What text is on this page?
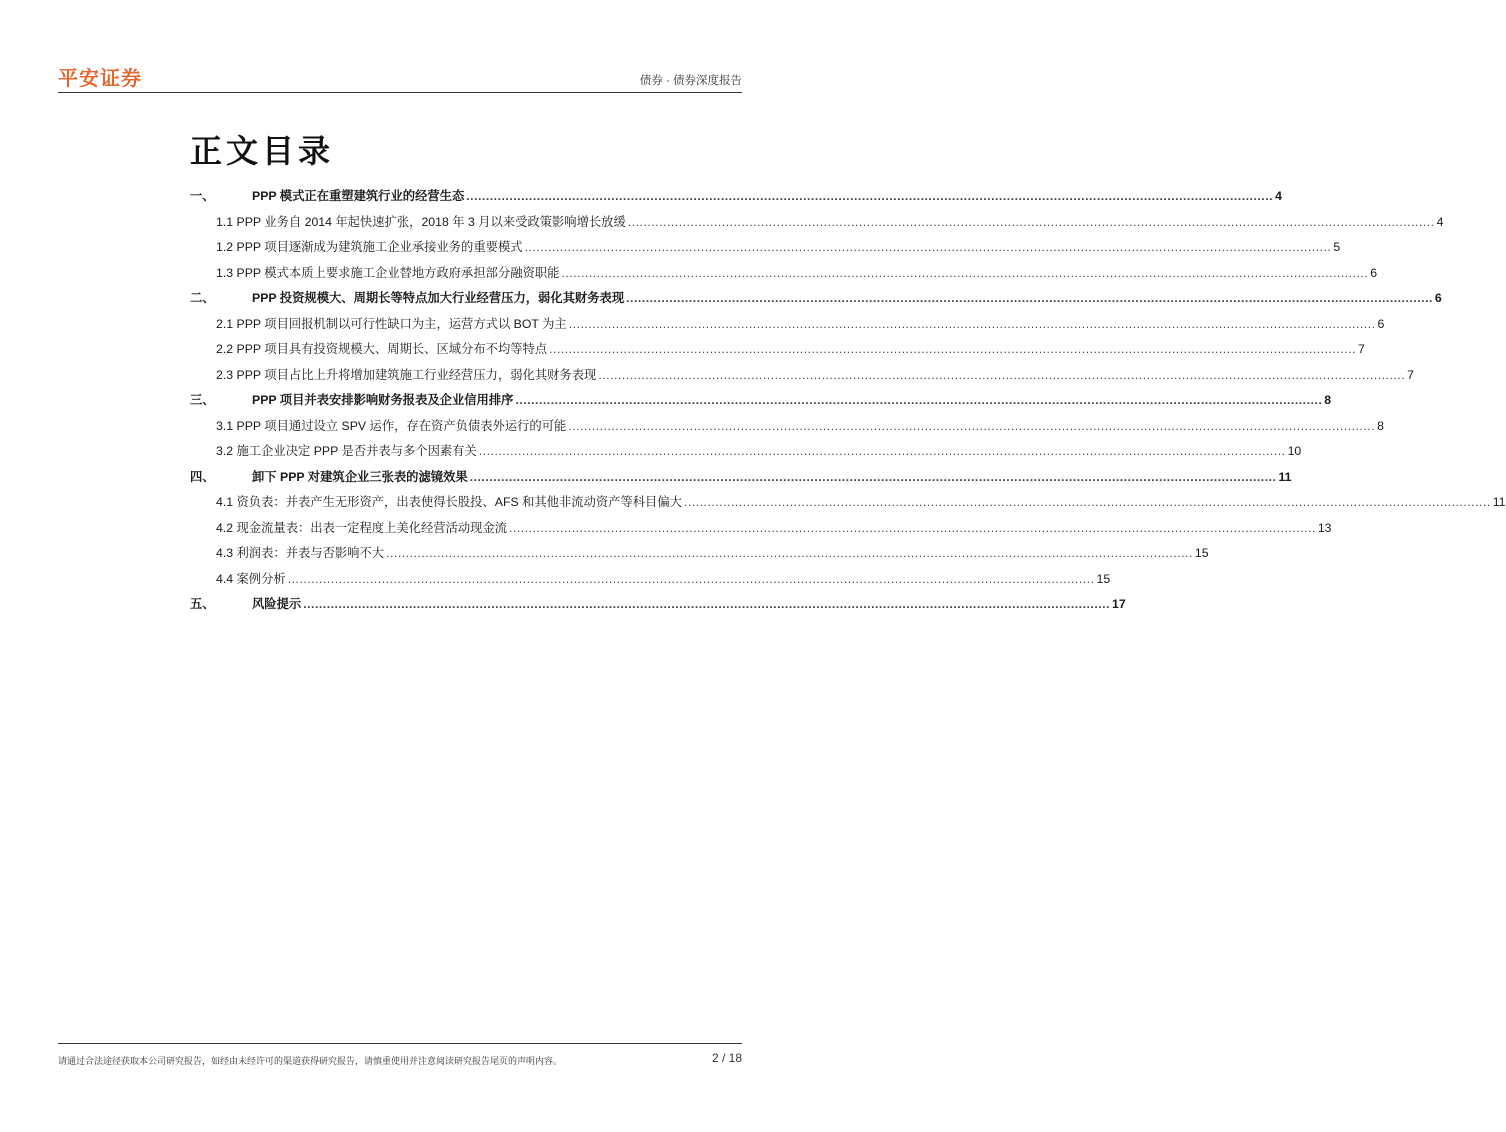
平安证券	债券 · 债券深度报告
正文目录
一、	PPP 模式正在重塑建筑行业的经营生态 .....	4
1.1 PPP 业务自 2014 年起快速扩张，2018 年 3 月以来受政策影响增长放缓 .....	4
1.2 PPP 项目逐渐成为建筑施工企业承接业务的重要模式 .....	5
1.3 PPP 模式本质上要求施工企业替地方政府承担部分融资职能 .....	6
二、	PPP 投资规模大、周期长等特点加大行业经营压力，弱化其财务表现 .....	6
2.1 PPP 项目回报机制以可行性缺口为主，运营方式以 BOT 为主 .....	6
2.2 PPP 项目具有投资规模大、周期长、区域分布不均等特点 .....	7
2.3 PPP 项目占比上升将增加建筑施工行业经营压力，弱化其财务表现 .....	7
三、	PPP 项目并表安排影响财务报表及企业信用排序 .....	8
3.1 PPP 项目通过设立 SPV 运作，存在资产负债表外运行的可能 .....	8
3.2 施工企业决定 PPP 是否并表与多个因素有关 .....	10
四、	卸下 PPP 对建筑企业三张表的滤镜效果 .....	11
4.1 资负表：并表产生无形资产，出表使得长股投、AFS 和其他非流动资产等科目偏大 .....	11
4.2 现金流量表：出表一定程度上美化经营活动现金流 .....	13
4.3 利润表：并表与否影响不大 .....	15
4.4 案例分析 .....	15
五、	风险提示 .....	17
请通过合法途径获取本公司研究报告，如经由未经许可的渠道获得研究报告，请慎重使用并注意阅读研究报告尾页的声明内容。	2 / 18
